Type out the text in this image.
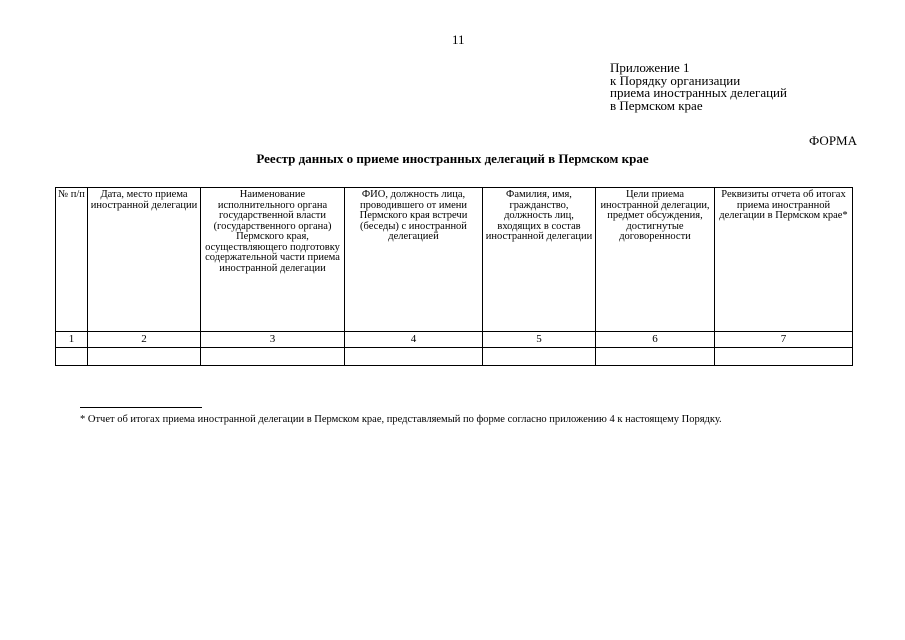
11
Приложение 1
к Порядку организации
приема иностранных делегаций
в Пермском крае
ФОРМА
Реестр данных о приеме иностранных делегаций в Пермском крае
№ п/п	Дата, место приема иностранной делегации	Наименование исполнительного органа государственной власти (государственного органа) Пермского края, осуществляющего подготовку содержательной части приема иностранной делегации	ФИО, должность лица, проводившего от имени Пермского края встречи (беседы) с иностранной делегацией	Фамилия, имя, гражданство, должность лиц, входящих в состав иностранной делегации	Цели приема иностранной делегации, предмет обсуждения, достигнутые договоренности	Реквизиты отчета об итогах приема иностранной делегации в Пермском крае*
1	2	3	4	5	6	7

* Отчет об итогах приема иностранной делегации в Пермском крае, представляемый по форме согласно приложению 4 к настоящему Порядку.
